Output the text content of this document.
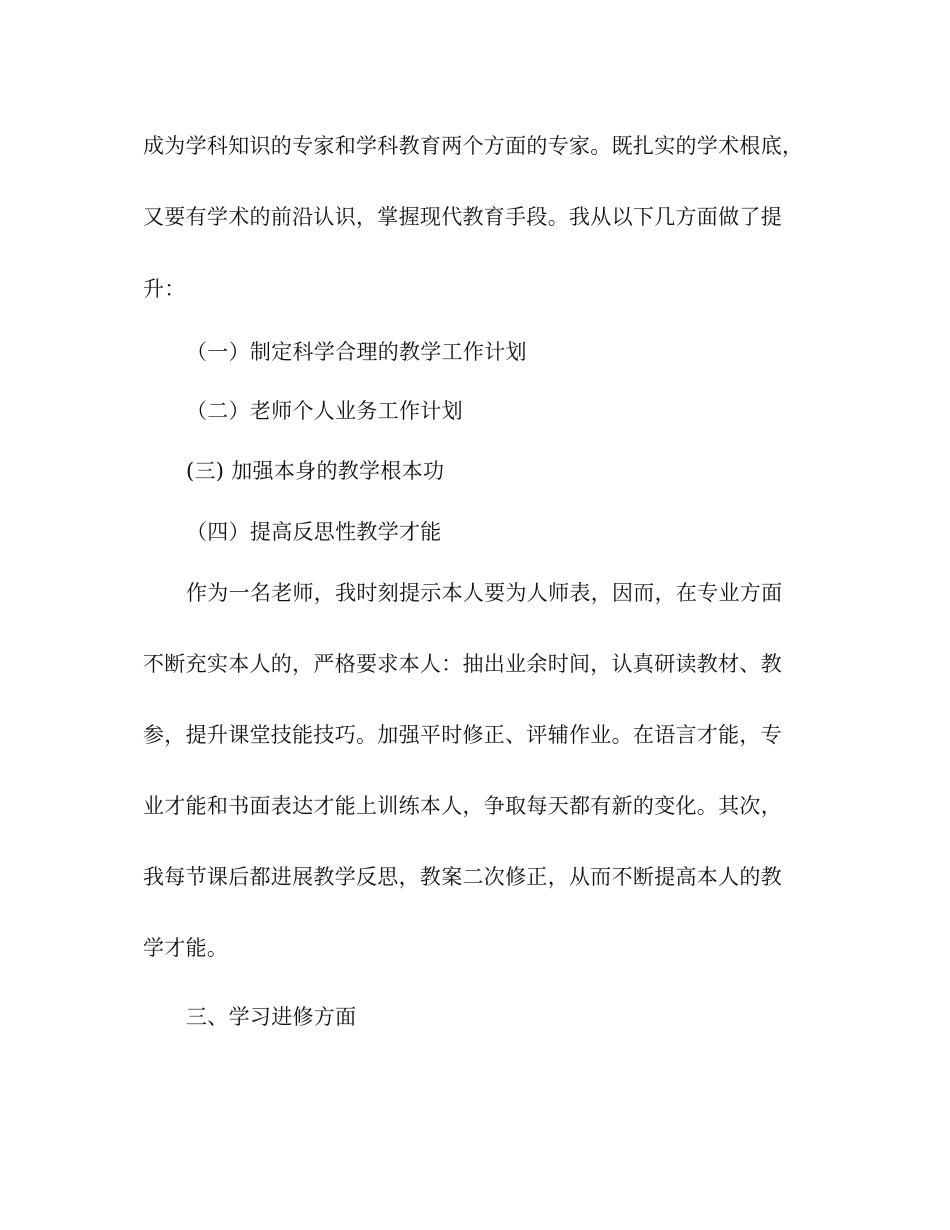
成为学科知识的专家和学科教育两个方面的专家。既扎实的学术根底，
又要有学术的前沿认识，掌握现代教育手段。我从以下几方面做了提
升：
（一）制定科学合理的教学工作计划
（二）老师个人业务工作计划
(三) 加强本身的教学根本功
（四）提高反思性教学才能
作为一名老师，我时刻提示本人要为人师表，因而，在专业方面
不断充实本人的，严格要求本人：抽出业余时间，认真研读教材、教
参，提升课堂技能技巧。加强平时修正、评辅作业。在语言才能，专
业才能和书面表达才能上训练本人，争取每天都有新的变化。其次，
我每节课后都进展教学反思，教案二次修正，从而不断提高本人的教
学才能。
三、学习进修方面
